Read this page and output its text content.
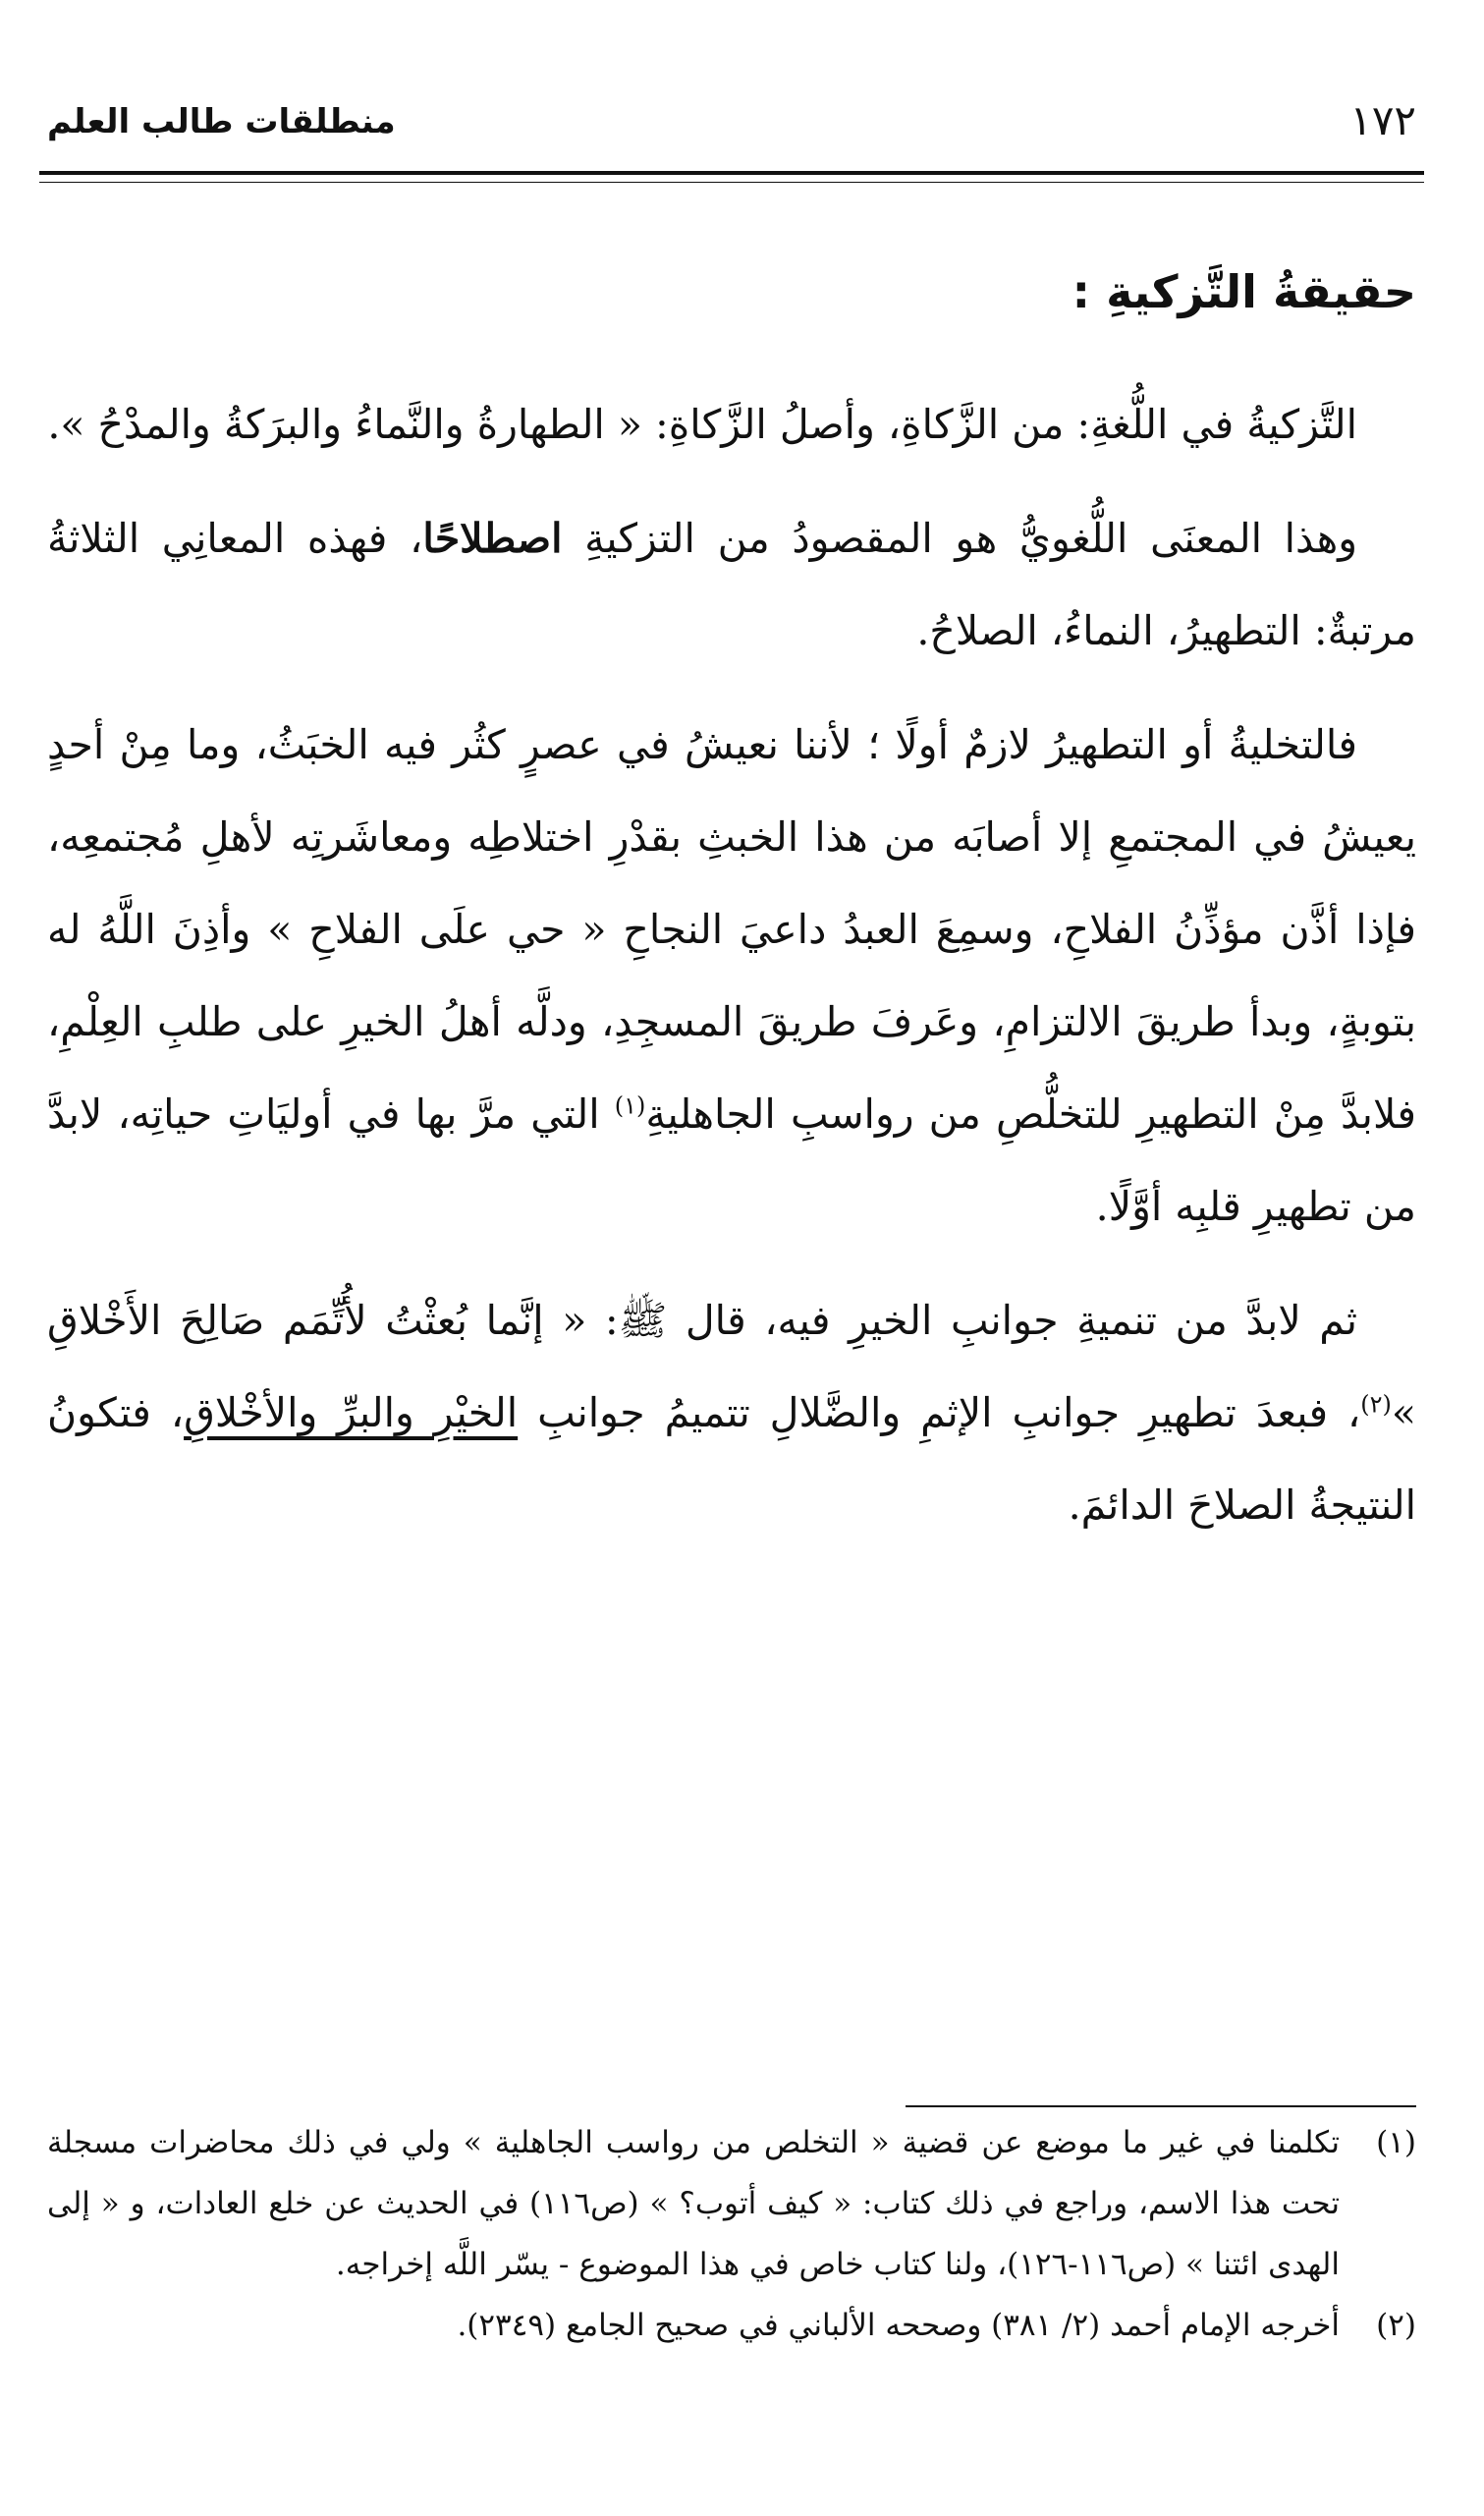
١٧٢
منطلقات طالب العلم
حقيقةُ التَّزكيةِ :

التَّزكيةُ في اللُّغةِ: من الزَّكاةِ، وأصلُ الزَّكاةِ: « الطهارةُ والنَّماءُ والبرَكةُ والمدْحُ ».

وهذا المعنَى اللُّغويُّ هو المقصودُ من التزكيةِ اصطلاحًا، فهذه المعانِي الثلاثةُ مرتبةٌ: التطهيرُ، النماءُ، الصلاحُ.

فالتخليةُ أو التطهيرُ لازمٌ أولًا ؛ لأننا نعيشُ في عصرٍ كثُر فيه الخبَثُ، وما مِنْ أحدٍ يعيشُ في المجتمعِ إلا أصابَه من هذا الخبثِ بقدْرِ اختلاطِه ومعاشَرتِه لأهلِ مُجتمعِه، فإذا أذَّن مؤذِّنُ الفلاحِ، وسمِعَ العبدُ داعيَ النجاحِ « حي علَى الفلاحِ » وأذِنَ اللَّهُ له بتوبةٍ، وبدأ طريقَ الالتزامِ، وعَرفَ طريقَ المسجِدِ، ودلَّه أهلُ الخيرِ على طلبِ العِلْمِ، فلابدَّ مِنْ التطهيرِ للتخلُّصِ من رواسبِ الجاهليةِ$^{(١)}$ التي مرَّ بها في أوليَاتِ حياتِه، لابدَّ من تطهيرِ قلبِه أوَّلًا.

ثم لابدَّ من تنميةِ جوانبِ الخيرِ فيه، قال ﷺ: « إنَّما بُعثْتُ لأُتِّمَم صَالِحَ الأَخْلاقِ »$^{(٢)}$، فبعدَ تطهيرِ جوانبِ الإثمِ والضَّلالِ تتميمُ جوانبِ الخيْرِ والبرِّ والأخْلاقِ، فتكونُ النتيجةُ الصلاحَ الدائمَ.

(١)
تكلمنا في غير ما موضع عن قضية « التخلص من رواسب الجاهلية » ولي في ذلك محاضرات مسجلة تحت هذا الاسم، وراجع في ذلك كتاب: « كيف أتوب؟ » (ص١١٦) في الحديث عن خلع العادات، و « إلى الهدى ائتنا » (ص١١٦-١٢٦)، ولنا كتاب خاص في هذا الموضوع - يسّر اللَّه إخراجه.
(٢)
أخرجه الإمام أحمد (٢/ ٣٨١) وصححه الألباني في صحيح الجامع (٢٣٤٩).
